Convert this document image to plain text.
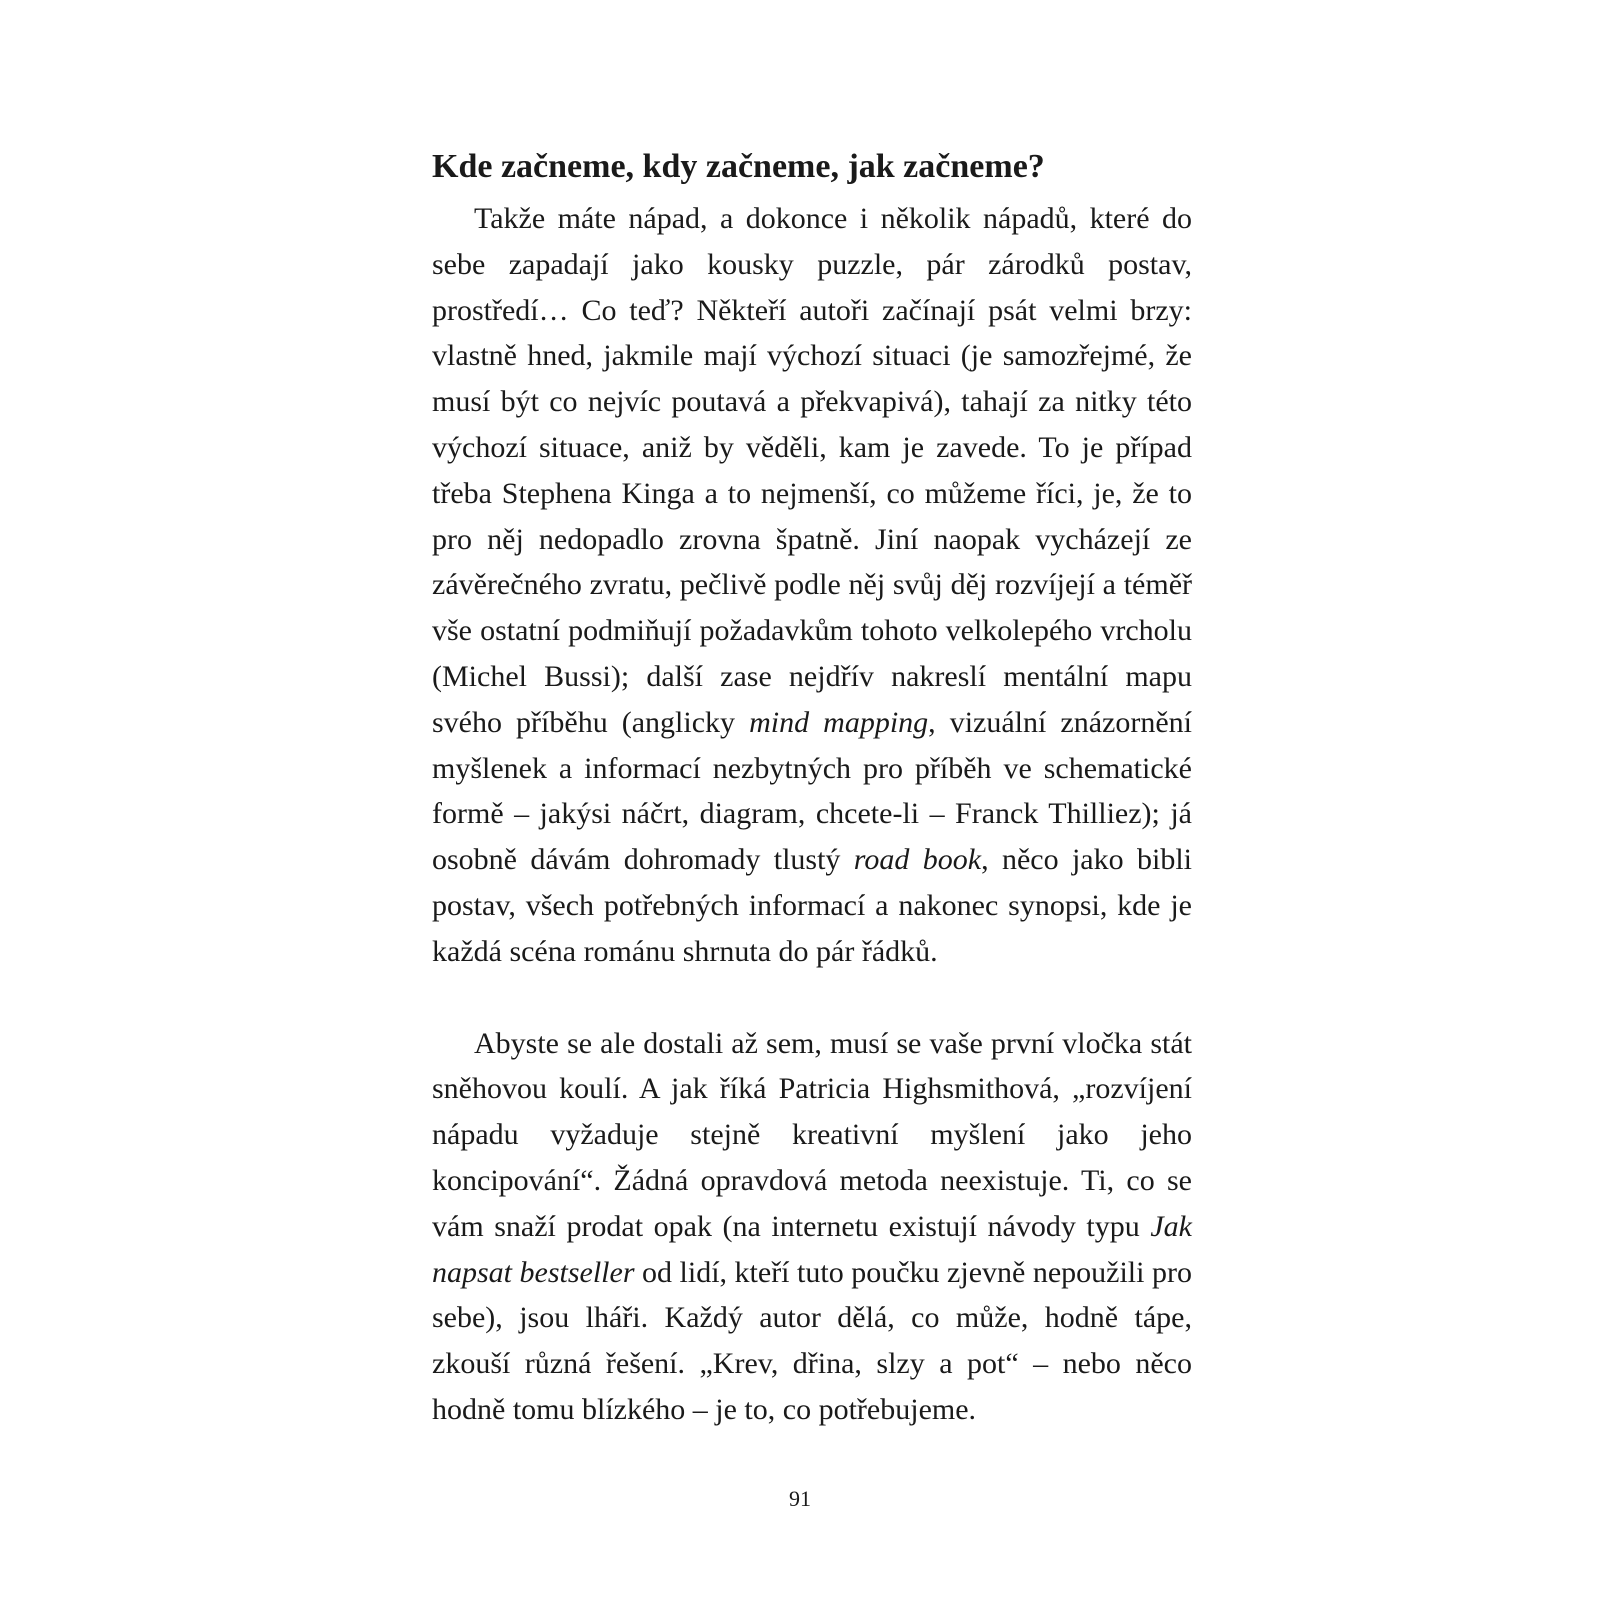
Kde začneme, kdy začneme, jak začneme?

Takže máte nápad, a dokonce i několik nápadů, které do sebe zapadají jako kousky puzzle, pár zárodků postav, prostředí… Co teď? Někteří autoři začínají psát velmi brzy: vlastně hned, jakmile mají výchozí situaci (je samozřejmé, že musí být co nejvíc poutavá a překvapivá), tahají za nitky této výchozí situace, aniž by věděli, kam je zavede. To je případ třeba Stephena Kinga a to nejmenší, co můžeme říci, je, že to pro něj nedopadlo zrovna špatně. Jiní naopak vycházejí ze závěrečného zvratu, pečlivě podle něj svůj děj rozvíjejí a téměř vše ostatní podmiňují požadavkům tohoto velkolepého vrcholu (Michel Bussi); další zase nejdřív nakreslí mentální mapu svého příběhu (anglicky mind mapping, vizuální znázornění myšlenek a informací nezbytných pro příběh ve schematické formě – jakýsi náčrt, diagram, chcete-li – Franck Thilliez); já osobně dávám dohromady tlustý road book, něco jako bibli postav, všech potřebných informací a nakonec synopsi, kde je každá scéna románu shrnuta do pár řádků.

Abyste se ale dostali až sem, musí se vaše první vločka stát sněhovou koulí. A jak říká Patricia Highsmithová, „rozvíjení nápadu vyžaduje stejně kreativní myšlení jako jeho koncipování“. Žádná opravdová metoda neexistuje. Ti, co se vám snaží prodat opak (na internetu existují návody typu Jak napsat bestseller od lidí, kteří tuto poučku zjevně nepoužili pro sebe), jsou lháři. Každý autor dělá, co může, hodně tápe, zkouší různá řešení. „Krev, dřina, slzy a pot“ – nebo něco hodně tomu blízkého – je to, co potřebujeme.

91
